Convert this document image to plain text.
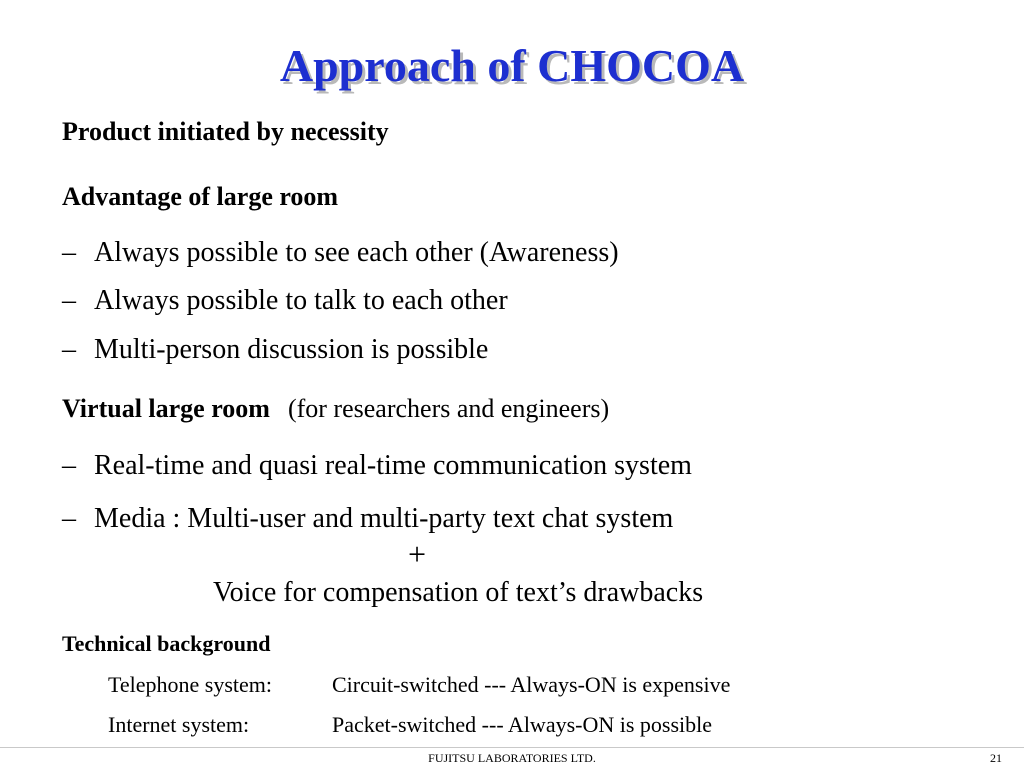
Approach of CHOCOA
Product initiated by necessity
Advantage of large room
– Always possible to see each other (Awareness)
– Always possible to talk to each other
– Multi-person discussion is possible
Virtual large room (for researchers and engineers)
– Real-time and quasi real-time communication system
– Media : Multi-user and multi-party text chat system
+
Voice for compensation of text’s drawbacks
Technical background
Telephone system:	Circuit-switched --- Always-ON is expensive
Internet system:	Packet-switched --- Always-ON is possible
FUJITSU LABORATORIES LTD.	21
